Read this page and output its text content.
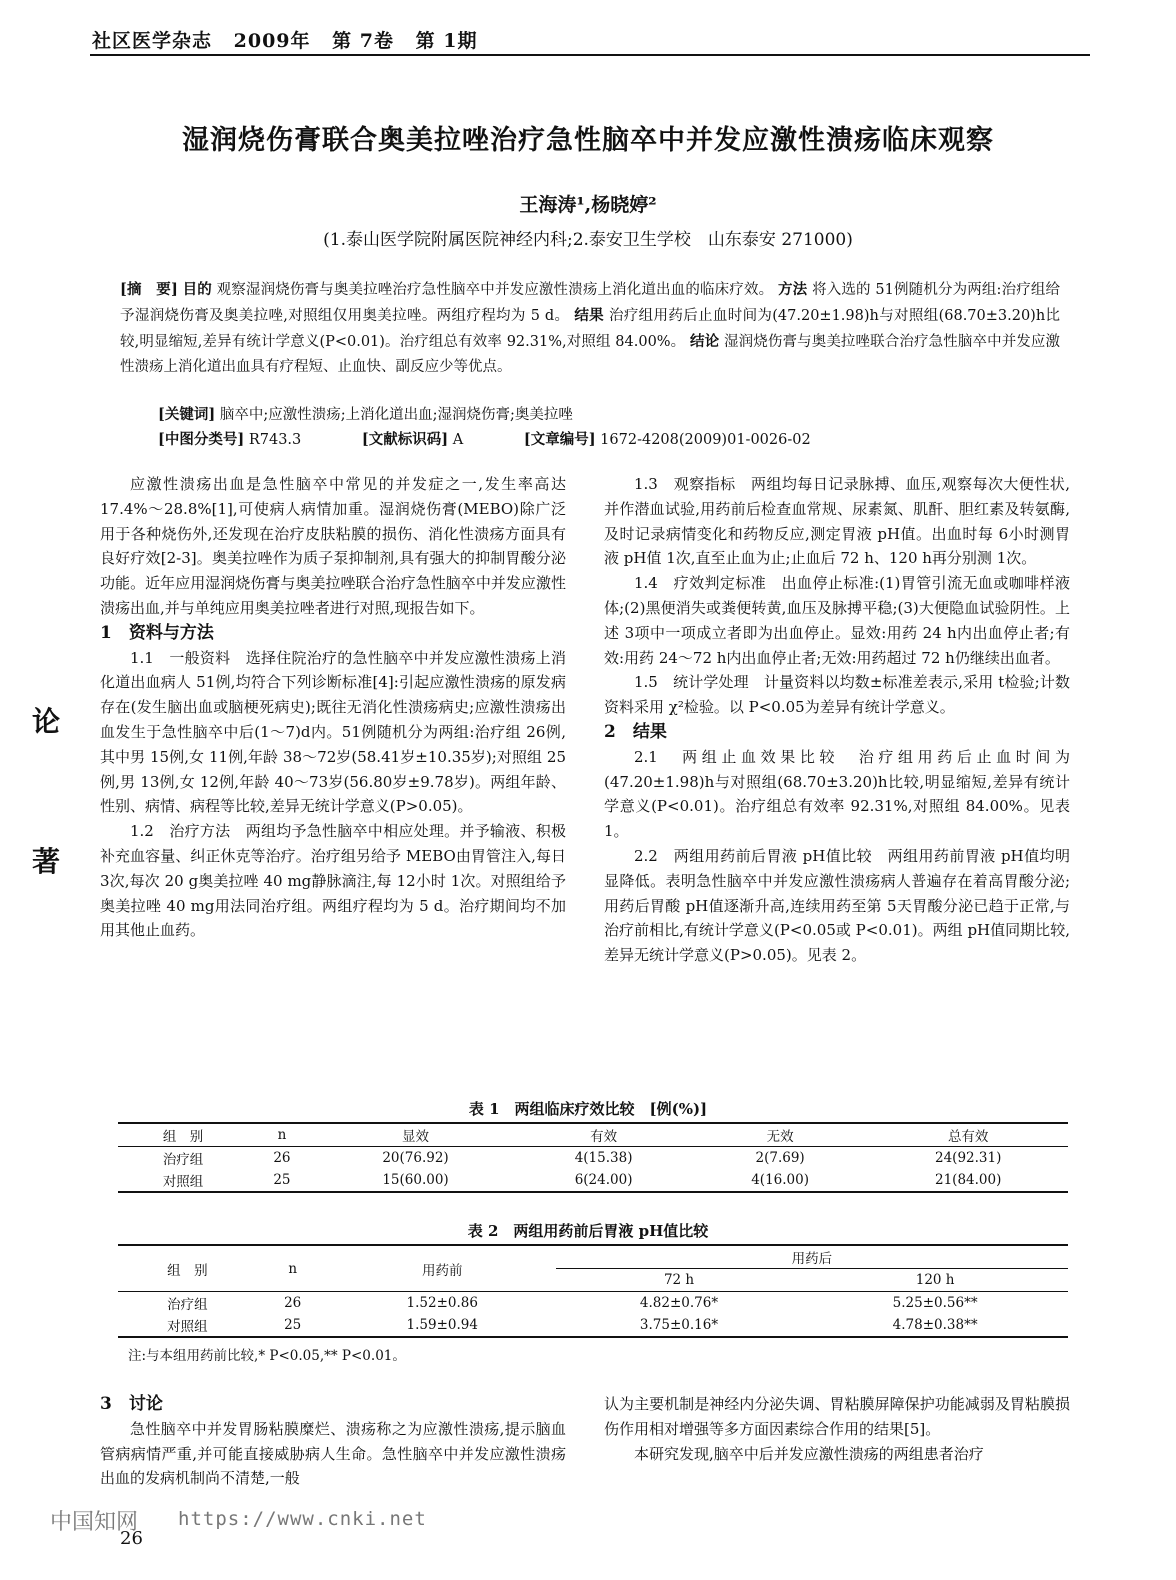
社区医学杂志 2009年 第 7卷 第 1期
湿润烧伤膏联合奥美拉唑治疗急性脑卒中并发应激性溃疡临床观察
王海涛¹,杨晓婷²
(1.泰山医学院附属医院神经内科;2.泰安卫生学校　山东泰安 271000)
[摘　要] 目的 观察湿润烧伤膏与奥美拉唑治疗急性脑卒中并发应激性溃疡上消化道出血的临床疗效。 方法 将入选的 51例随机分为两组:治疗组给予湿润烧伤膏及奥美拉唑,对照组仅用奥美拉唑。两组疗程均为 5 d。 结果 治疗组用药后止血时间为(47.20±1.98)h与对照组(68.70±3.20)h比较,明显缩短,差异有统计学意义(P<0.01)。治疗组总有效率 92.31%,对照组 84.00%。 结论 湿润烧伤膏与奥美拉唑联合治疗急性脑卒中并发应激性溃疡上消化道出血具有疗程短、止血快、副反应少等优点。
[关键词] 脑卒中;应激性溃疡;上消化道出血;湿润烧伤膏;奥美拉唑
[中图分类号] R743.3	[文献标识码] A	[文章编号] 1672-4208(2009)01-0026-02
论
著

应激性溃疡出血是急性脑卒中常见的并发症之一,发生率高达 17.4%～28.8%[1],可使病人病情加重。湿润烧伤膏(MEBO)除广泛用于各种烧伤外,还发现在治疗皮肤粘膜的损伤、消化性溃疡方面具有良好疗效[2-3]。奥美拉唑作为质子泵抑制剂,具有强大的抑制胃酸分泌功能。近年应用湿润烧伤膏与奥美拉唑联合治疗急性脑卒中并发应激性溃疡出血,并与单纯应用奥美拉唑者进行对照,现报告如下。

1　资料与方法

1.1　一般资料　 选择住院治疗的急性脑卒中并发应激性溃疡上消化道出血病人 51例,均符合下列诊断标准[4]:引起应激性溃疡的原发病存在(发生脑出血或脑梗死病史);既往无消化性溃疡病史;应激性溃疡出血发生于急性脑卒中后(1～7)d内。51例随机分为两组:治疗组 26例,其中男 15例,女 11例,年龄 38～72岁(58.41岁±10.35岁);对照组 25例,男 13例,女 12例,年龄 40～73岁(56.80岁±9.78岁)。两组年龄、性别、病情、病程等比较,差异无统计学意义(P>0.05)。

1.2　治疗方法　 两组均予急性脑卒中相应处理。并予输液、积极补充血容量、纠正休克等治疗。治疗组另给予 MEBO由胃管注入,每日 3次,每次 20 g奥美拉唑 40 mg静脉滴注,每 12小时 1次。对照组给予奥美拉唑 40 mg用法同治疗组。两组疗程均为 5 d。治疗期间均不加用其他止血药。

1.3　观察指标　 两组均每日记录脉搏、血压,观察每次大便性状,并作潜血试验,用药前后检查血常规、尿素氮、肌酐、胆红素及转氨酶,及时记录病情变化和药物反应,测定胃液 pH值。出血时每 6小时测胃液 pH值 1次,直至止血为止;止血后 72 h、120 h再分别测 1次。

1.4　疗效判定标准　 出血停止标准:(1)胃管引流无血或咖啡样液体;(2)黑便消失或粪便转黄,血压及脉搏平稳;(3)大便隐血试验阴性。上述 3项中一项成立者即为出血停止。显效:用药 24 h内出血停止者;有效:用药 24～72 h内出血停止者;无效:用药超过 72 h仍继续出血者。

1.5　统计学处理　 计量资料以均数±标准差表示,采用 t检验;计数资料采用 χ²检验。以 P<0.05为差异有统计学意义。

2　结果

2.1　两组止血效果比较　 治疗组用药后止血时间为(47.20±1.98)h与对照组(68.70±3.20)h比较,明显缩短,差异有统计学意义(P<0.01)。治疗组总有效率 92.31%,对照组 84.00%。见表 1。

2.2　两组用药前后胃液 pH值比较　 两组用药前胃液 pH值均明显降低。表明急性脑卒中并发应激性溃疡病人普遍存在着高胃酸分泌;用药后胃酸 pH值逐渐升高,连续用药至第 5天胃酸分泌已趋于正常,与治疗前相比,有统计学意义(P<0.05或 P<0.01)。两组 pH值同期比较,差异无统计学意义(P>0.05)。见表 2。

表 1　两组临床疗效比较　[例(%)]
组　别	n	显效	有效	无效	总有效
治疗组	26	20(76.92)	4(15.38)	2(7.69)	24(92.31)
对照组	25	15(60.00)	6(24.00)	4(16.00)	21(84.00)
表 2　两组用药前后胃液 pH值比较
组　别	n	用药前	用药后	
			72 h	120 h
治疗组	26	1.52±0.86	4.82±0.76*	5.25±0.56**
对照组	25	1.59±0.94	3.75±0.16*	4.78±0.38**
注:与本组用药前比较,* P<0.05,** P<0.01。
3　讨论

急性脑卒中并发胃肠粘膜糜烂、溃疡称之为应激性溃疡,提示脑血管病病情严重,并可能直接威胁病人生命。急性脑卒中并发应激性溃疡出血的发病机制尚不清楚,一般

认为主要机制是神经内分泌失调、胃粘膜屏障保护功能减弱及胃粘膜损伤作用相对增强等多方面因素综合作用的结果[5]。

本研究发现,脑卒中后并发应激性溃疡的两组患者治疗

中国知网 https://www.cnki.net
26
